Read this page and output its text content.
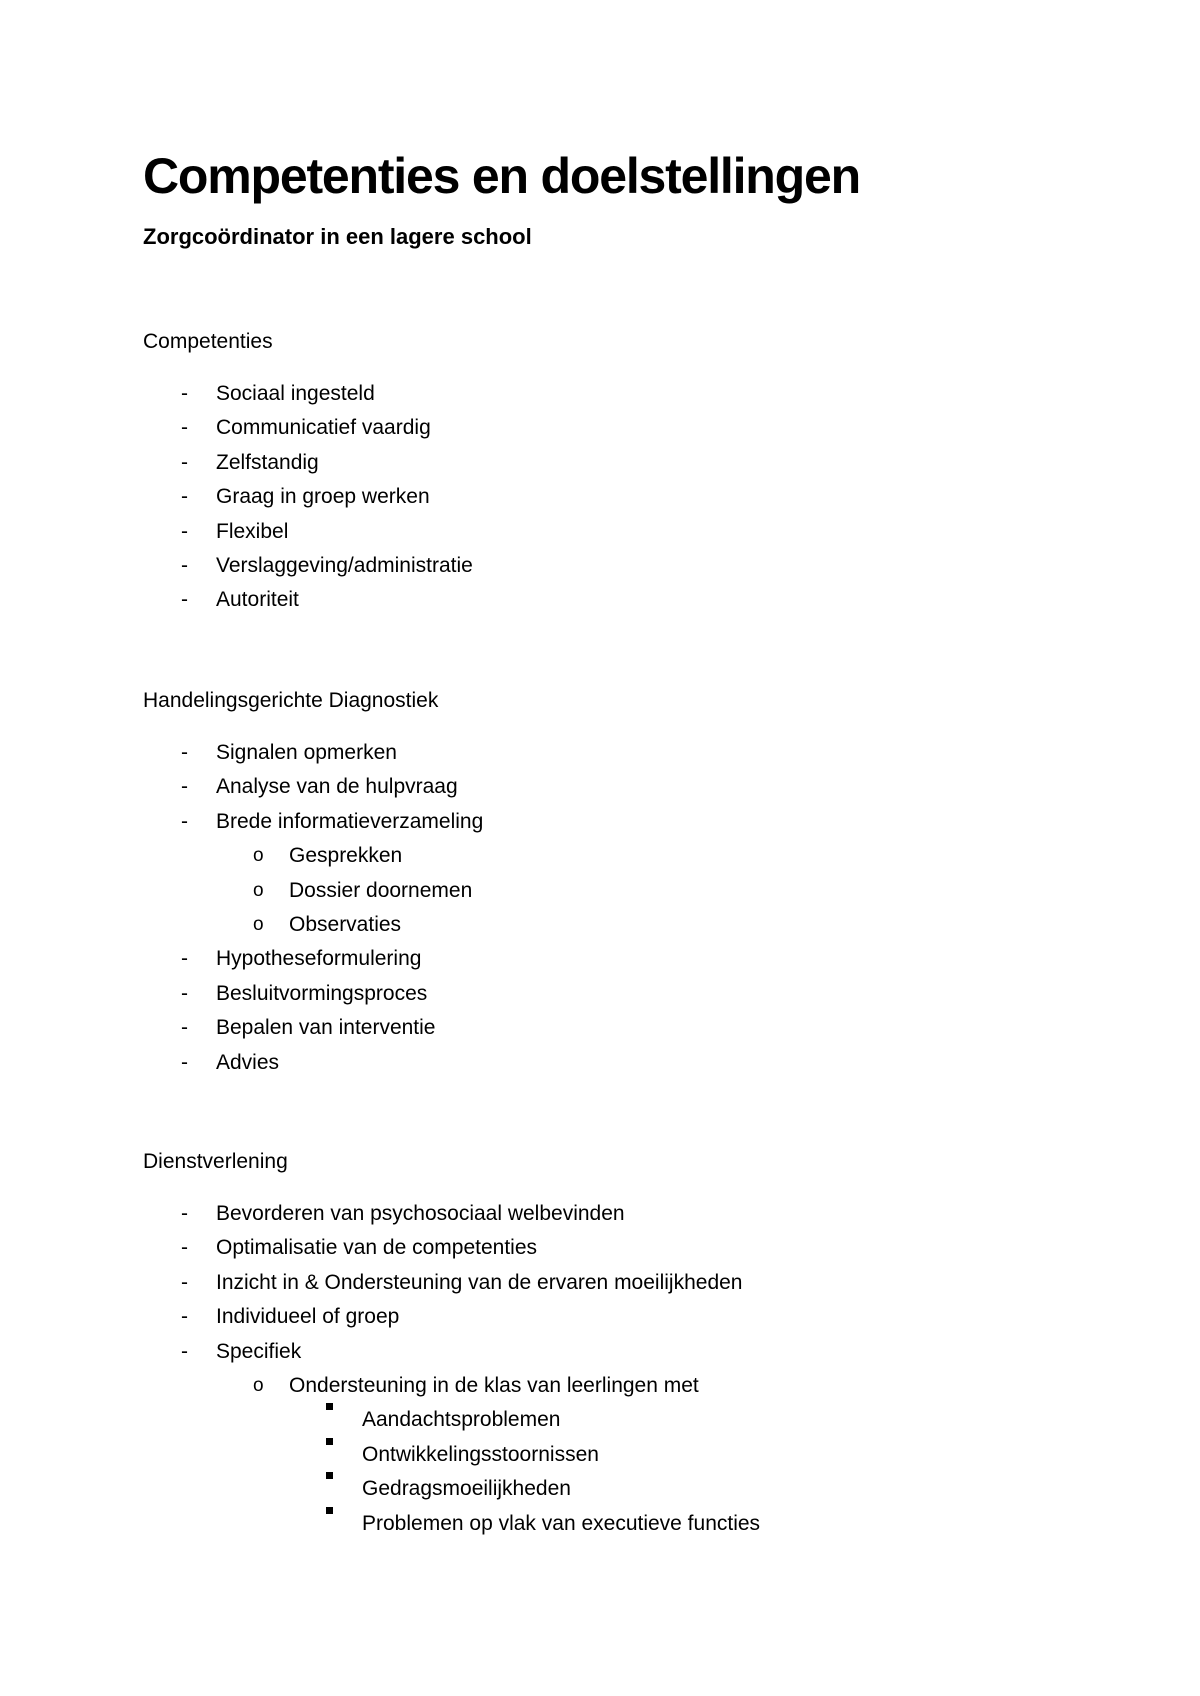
Competenties en doelstellingen
Zorgcoördinator in een lagere school
Competenties
- Sociaal ingesteld
- Communicatief vaardig
- Zelfstandig
- Graag in groep werken
- Flexibel
- Verslaggeving/administratie
- Autoriteit
Handelingsgerichte Diagnostiek
- Signalen opmerken
- Analyse van de hulpvraag
- Brede informatieverzameling
o Gesprekken
o Dossier doornemen
o Observaties
- Hypotheseformulering
- Besluitvormingsproces
- Bepalen van interventie
- Advies
Dienstverlening
- Bevorderen van psychosociaal welbevinden
- Optimalisatie van de competenties
- Inzicht in & Ondersteuning van de ervaren moeilijkheden
- Individueel of groep
- Specifiek
o Ondersteuning in de klas van leerlingen met
Aandachtsproblemen
Ontwikkelingsstoornissen
Gedragsmoeilijkheden
Problemen op vlak van executieve functies
